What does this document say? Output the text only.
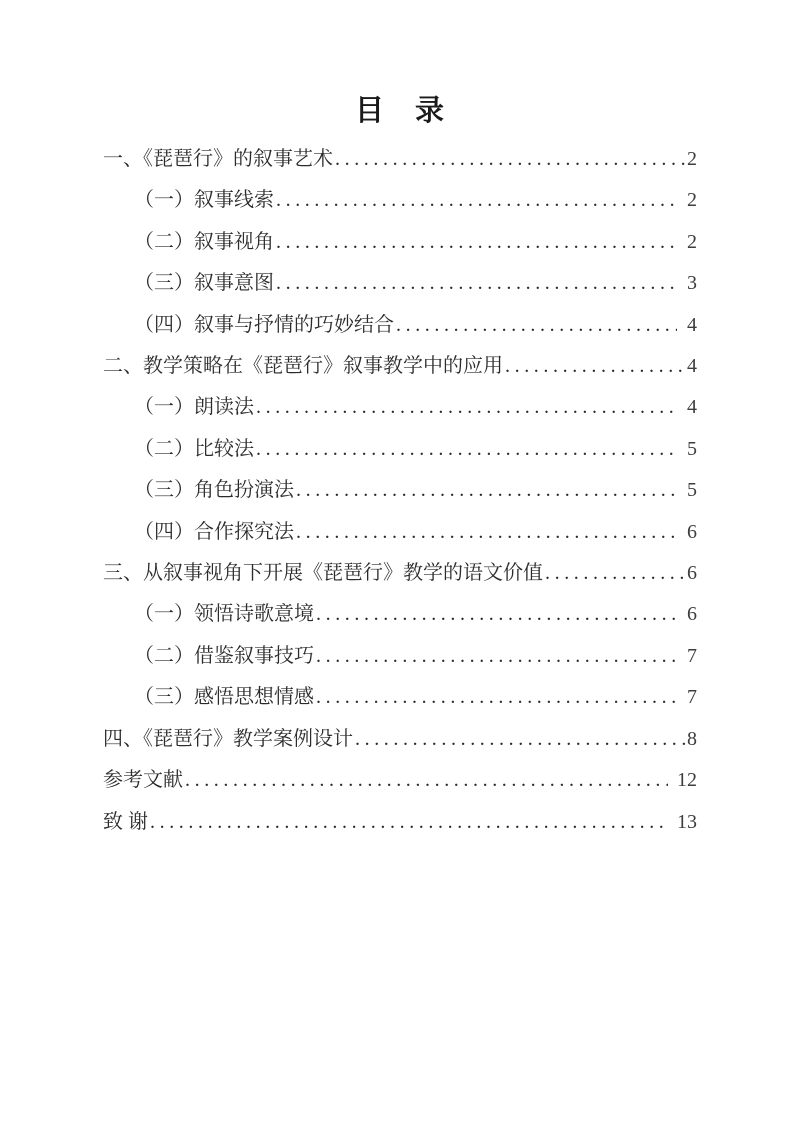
目　录
一、《琵琶行》的叙事艺术 .....	2
（一）叙事线索 .....	2
（二）叙事视角 .....	2
（三）叙事意图 .....	3
（四）叙事与抒情的巧妙结合 .....	4
二、教学策略在《琵琶行》叙事教学中的应用 .....	4
（一）朗读法 .....	4
（二）比较法 .....	5
（三）角色扮演法 .....	5
（四）合作探究法 .....	6
三、从叙事视角下开展《琵琶行》教学的语文价值 .....	6
（一）领悟诗歌意境 .....	6
（二）借鉴叙事技巧 .....	7
（三）感悟思想情感 .....	7
四、《琵琶行》教学案例设计 .....	8
参考文献 .....	12
致 谢 .....	13
